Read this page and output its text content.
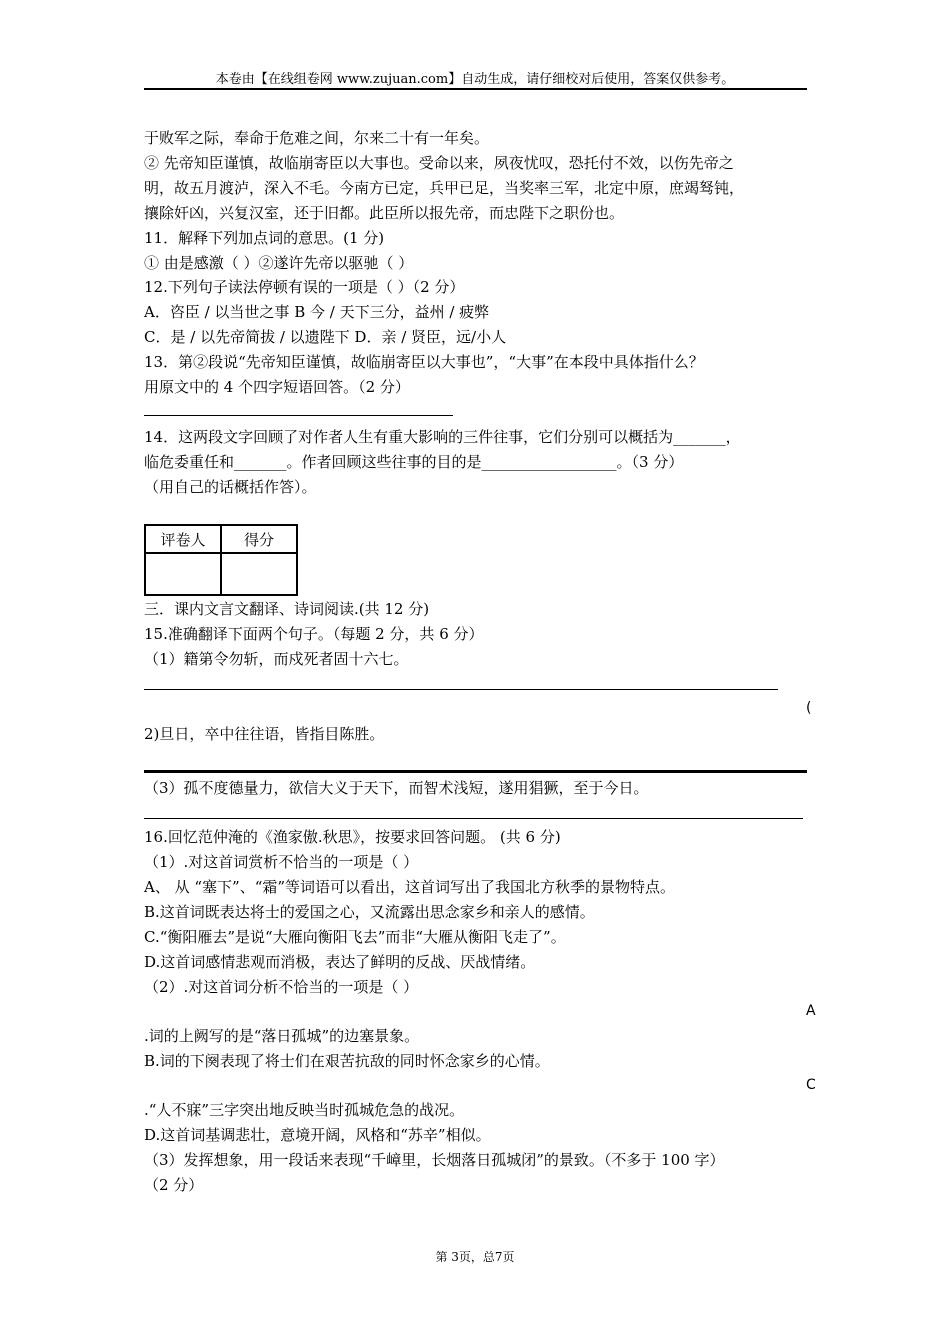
本卷由【在线组卷网 www.zujuan.com】自动生成，请仔细校对后使用，答案仅供参考。
于败军之际，奉命于危难之间，尔来二十有一年矣。
② 先帝知臣谨慎，故临崩寄臣以大事也。受命以来，夙夜忧叹，恐托付不效，以伤先帝之
明，故五月渡泸，深入不毛。今南方已定，兵甲已足，当奖率三军，北定中原，庶竭驽钝，
攘除奸凶，兴复汉室，还于旧都。此臣所以报先帝，而忠陛下之职份也。
11．解释下列加点词的意思。(1 分)
① 由是感激（ ）②遂许先帝以驱驰（ ）
12.下列句子读法停顿有误的一项是（ ）（2 分）
A．咨臣 / 以当世之事 B 今 / 天下三分，益州 / 疲弊
C．是 / 以先帝简拔 / 以遗陛下 D．亲 / 贤臣，远/小人
13．第②段说“先帝知臣谨慎，故临崩寄臣以大事也”，“大事”在本段中具体指什么？
用原文中的 4 个四字短语回答。（2 分）
14．这两段文字回顾了对作者人生有重大影响的三件往事，它们分别可以概括为_______，
临危委重任和_______。作者回顾这些往事的目的是__________________。（3 分）
（用自己的话概括作答）。
评卷人	得分

三．课内文言文翻译、诗词阅读.(共 12 分)
15.准确翻译下面两个句子。（每题 2 分，共 6 分）
（1）籍第令勿斩，而戍死者固十六七。
(
2)旦日，卒中往往语，皆指目陈胜。
（3）孤不度德量力，欲信大义于天下，而智术浅短，遂用猖獗，至于今日。
16.回忆范仲淹的《渔家傲.秋思》，按要求回答问题。 (共 6 分)
（1）.对这首词赏析不恰当的一项是（ ）
A、 从 “塞下”、“霜”等词语可以看出，这首词写出了我国北方秋季的景物特点。
B.这首词既表达将士的爱国之心，又流露出思念家乡和亲人的感情。
C.“衡阳雁去”是说“大雁向衡阳飞去”而非“大雁从衡阳飞走了”。
D.这首词感情悲观而消极，表达了鲜明的反战、厌战情绪。
（2）.对这首词分析不恰当的一项是（ ）
A
.词的上阙写的是“落日孤城”的边塞景象。
B.词的下阕表现了将士们在艰苦抗敌的同时怀念家乡的心情。
C
.“人不寐”三字突出地反映当时孤城危急的战况。
D.这首词基调悲壮，意境开阔，风格和“苏辛”相似。
（3）发挥想象，用一段话来表现“千嶂里，长烟落日孤城闭”的景致。（不多于 100 字）
（2 分）
第 3页，总7页
